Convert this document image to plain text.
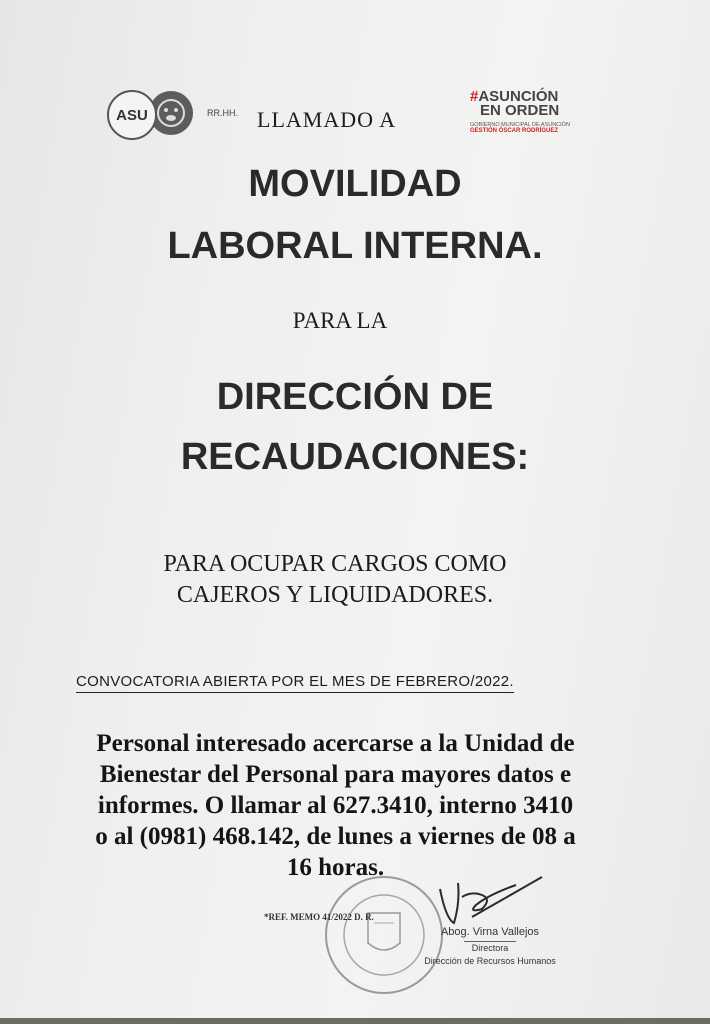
ASU	RR.HH. LLAMADO A
#ASUNCIÓN
EN ORDEN
GOBIERNO MUNICIPAL DE ASUNCIÓN
GESTIÓN ÓSCAR RODRÍGUEZ
MOVILIDAD
LABORAL INTERNA.
PARA LA
DIRECCIÓN DE
RECAUDACIONES:
PARA OCUPAR CARGOS COMO
CAJEROS Y LIQUIDADORES.
CONVOCATORIA ABIERTA POR EL MES DE FEBRERO/2022.
Personal interesado acercarse a la Unidad de
Bienestar del Personal para mayores datos e
informes. O llamar al 627.3410, interno 3410
o al (0981) 468.142, de lunes a viernes de 08 a
16 horas.
*REF. MEMO 41/2022 D. R.
Abog. Virna Vallejos
Directora
Dirección de Recursos Humanos
